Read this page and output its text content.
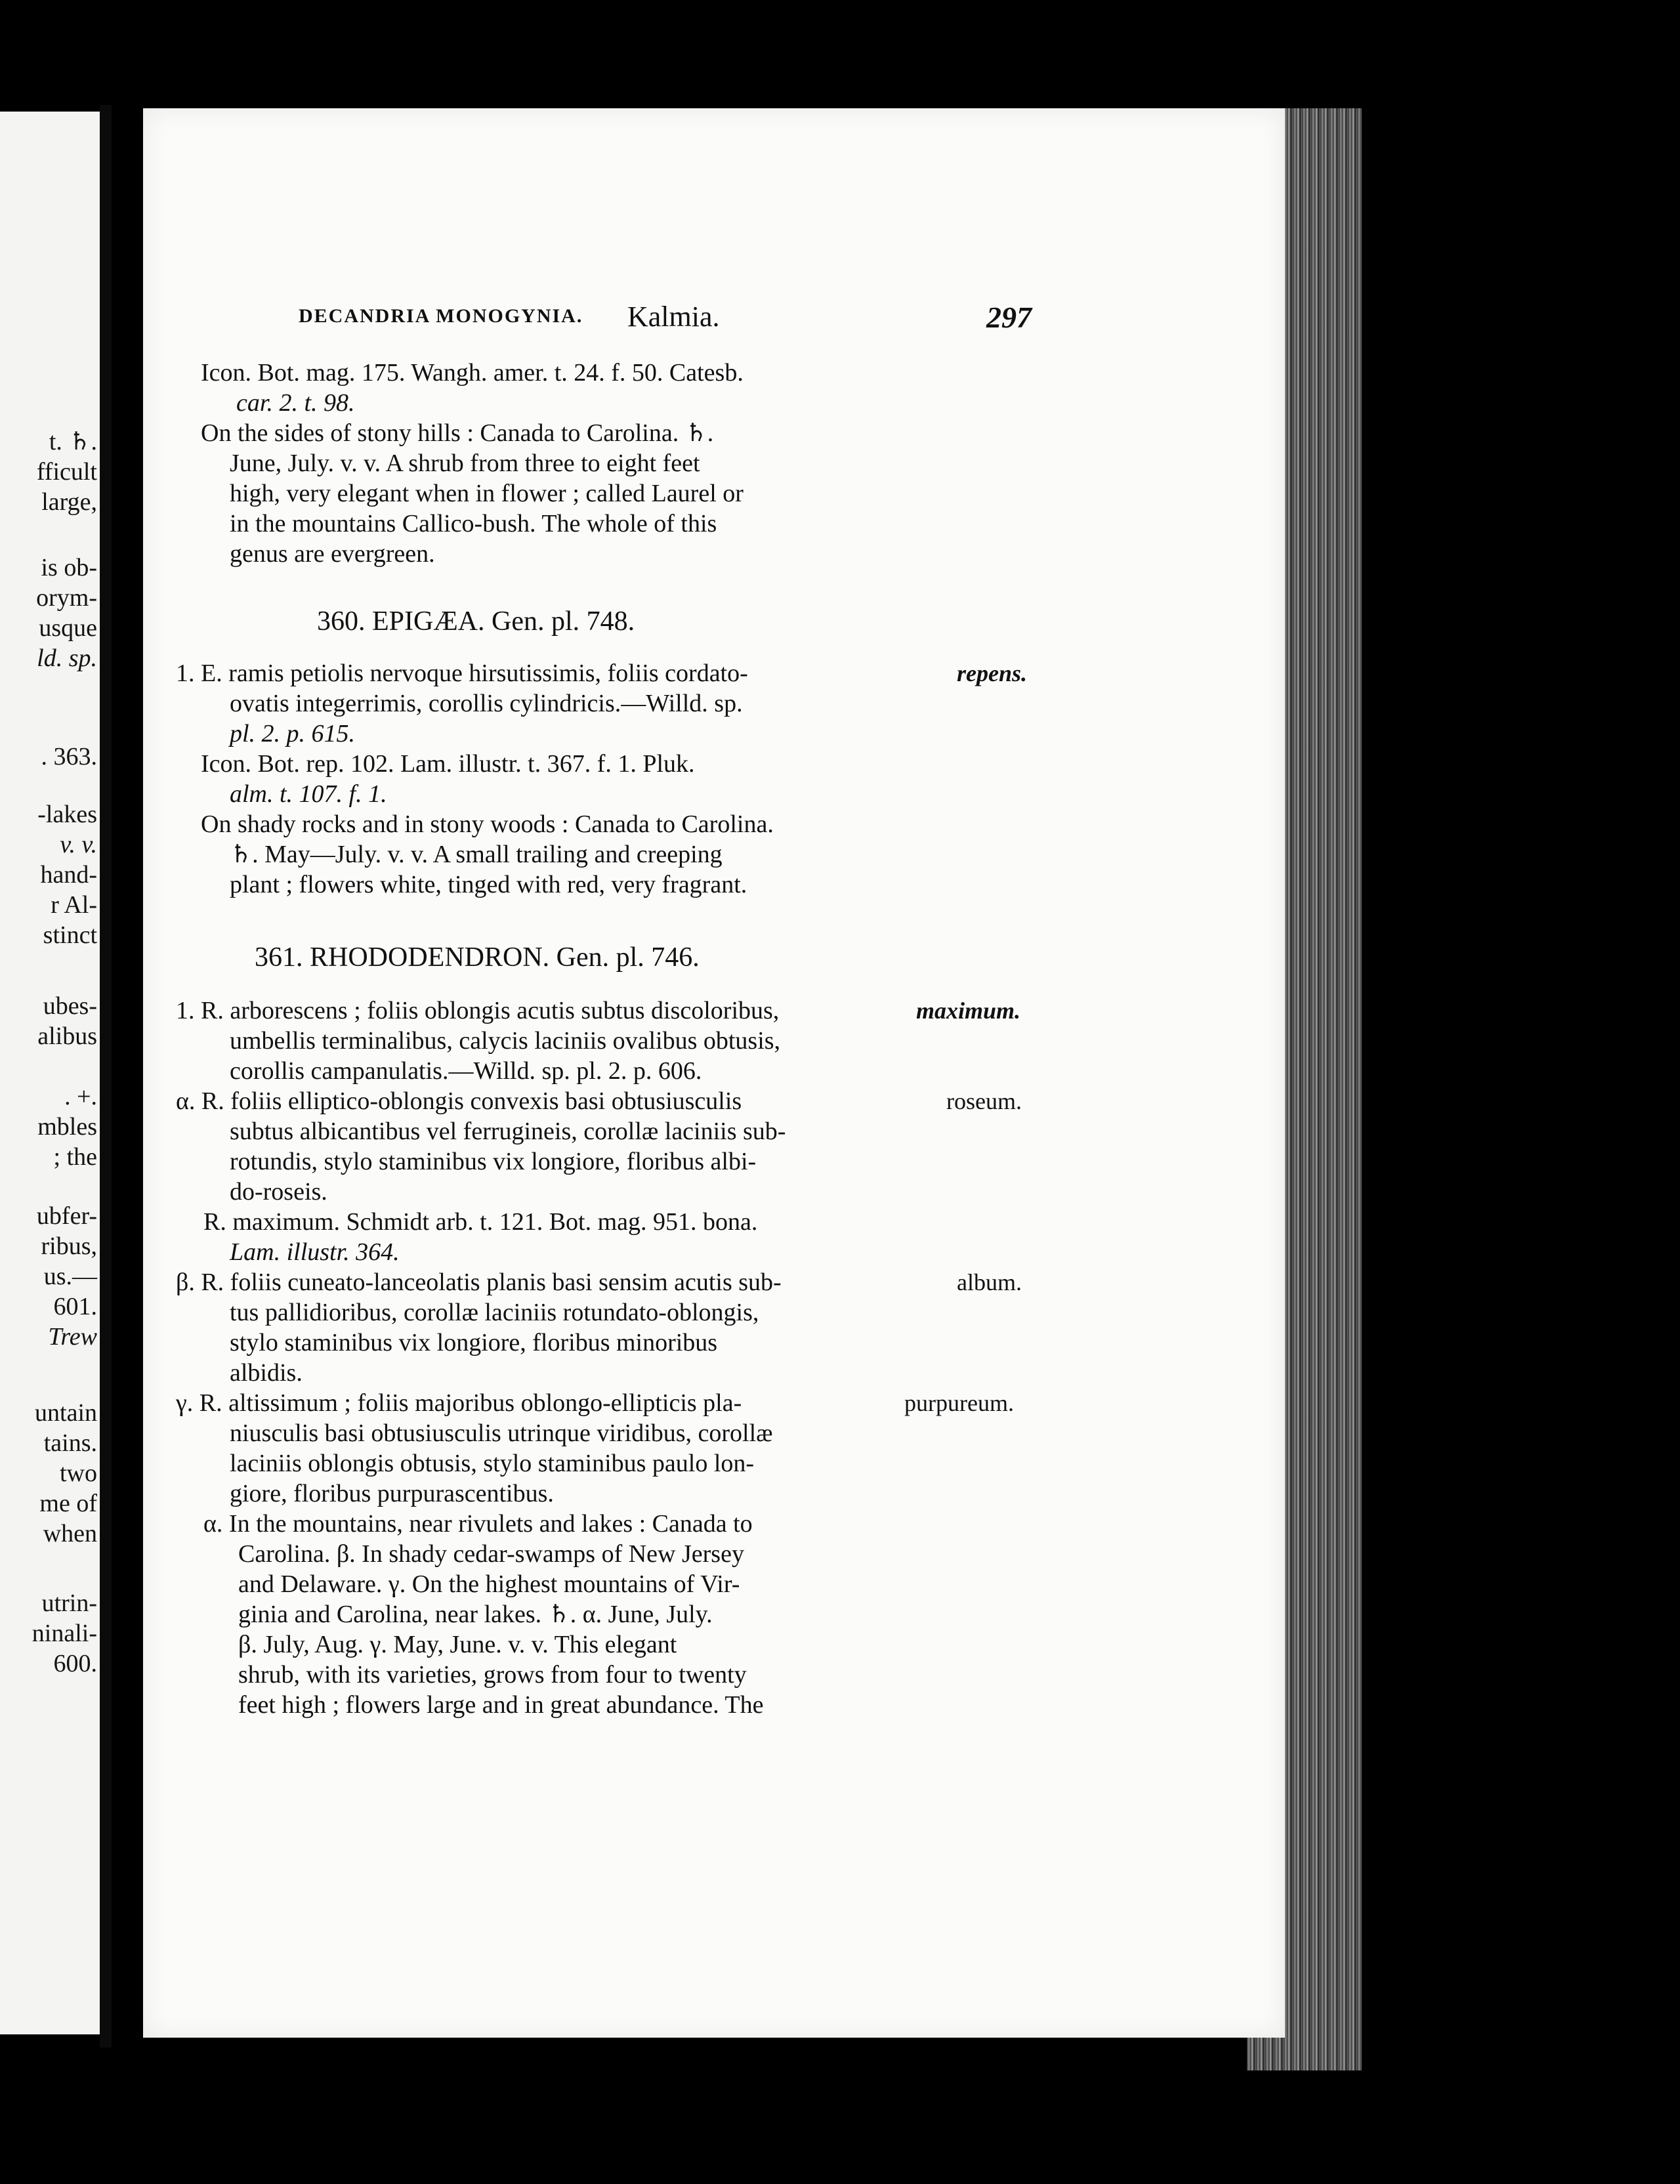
t. ♄.
fficult
large,
is ob-
orym-
usque
ld. sp.
. 363.
-lakes
v. v.
hand-
r Al-
stinct
ubes-
alibus
. +.
mbles
; the
ubfer-
ribus,
us.—
601.
Trew
untain
tains.
two
me of
when
utrin-
ninali-
600.
DECANDRIA MONOGYNIA. Kalmia.	297
Icon. Bot. mag. 175. Wangh. amer. t. 24. f. 50. Catesb.
car. 2. t. 98.
On the sides of stony hills : Canada to Carolina. ♄.
June, July. v. v. A shrub from three to eight feet
high, very elegant when in flower ; called Laurel or
in the mountains Callico-bush. The whole of this
genus are evergreen.
360. EPIGÆA. Gen. pl. 748.
1. E. ramis petiolis nervoque hirsutissimis, foliis cordato-
ovatis integerrimis, corollis cylindricis.—Willd. sp.
pl. 2. p. 615.
Icon. Bot. rep. 102. Lam. illustr. t. 367. f. 1. Pluk.
alm. t. 107. f. 1.
On shady rocks and in stony woods : Canada to Carolina.
♄. May—July. v. v. A small trailing and creeping
plant ; flowers white, tinged with red, very fragrant.
repens.
361. RHODODENDRON. Gen. pl. 746.
1. R. arborescens ; foliis oblongis acutis subtus discoloribus,
umbellis terminalibus, calycis laciniis ovalibus obtusis,
corollis campanulatis.—Willd. sp. pl. 2. p. 606.
α. R. foliis elliptico-oblongis convexis basi obtusiusculis
subtus albicantibus vel ferrugineis, corollæ laciniis sub-
rotundis, stylo staminibus vix longiore, floribus albi-
do-roseis.
R. maximum. Schmidt arb. t. 121. Bot. mag. 951. bona.
Lam. illustr. 364.
β. R. foliis cuneato-lanceolatis planis basi sensim acutis sub-
tus pallidioribus, corollæ laciniis rotundato-oblongis,
stylo staminibus vix longiore, floribus minoribus
albidis.
γ. R. altissimum ; foliis majoribus oblongo-ellipticis pla-
niusculis basi obtusiusculis utrinque viridibus, corollæ
laciniis oblongis obtusis, stylo staminibus paulo lon-
giore, floribus purpurascentibus.
α. In the mountains, near rivulets and lakes : Canada to
Carolina. β. In shady cedar-swamps of New Jersey
and Delaware. γ. On the highest mountains of Vir-
ginia and Carolina, near lakes. ♄. α. June, July.
β. July, Aug. γ. May, June. v. v. This elegant
shrub, with its varieties, grows from four to twenty
feet high ; flowers large and in great abundance. The
maximum.
roseum.
album.
purpureum.
